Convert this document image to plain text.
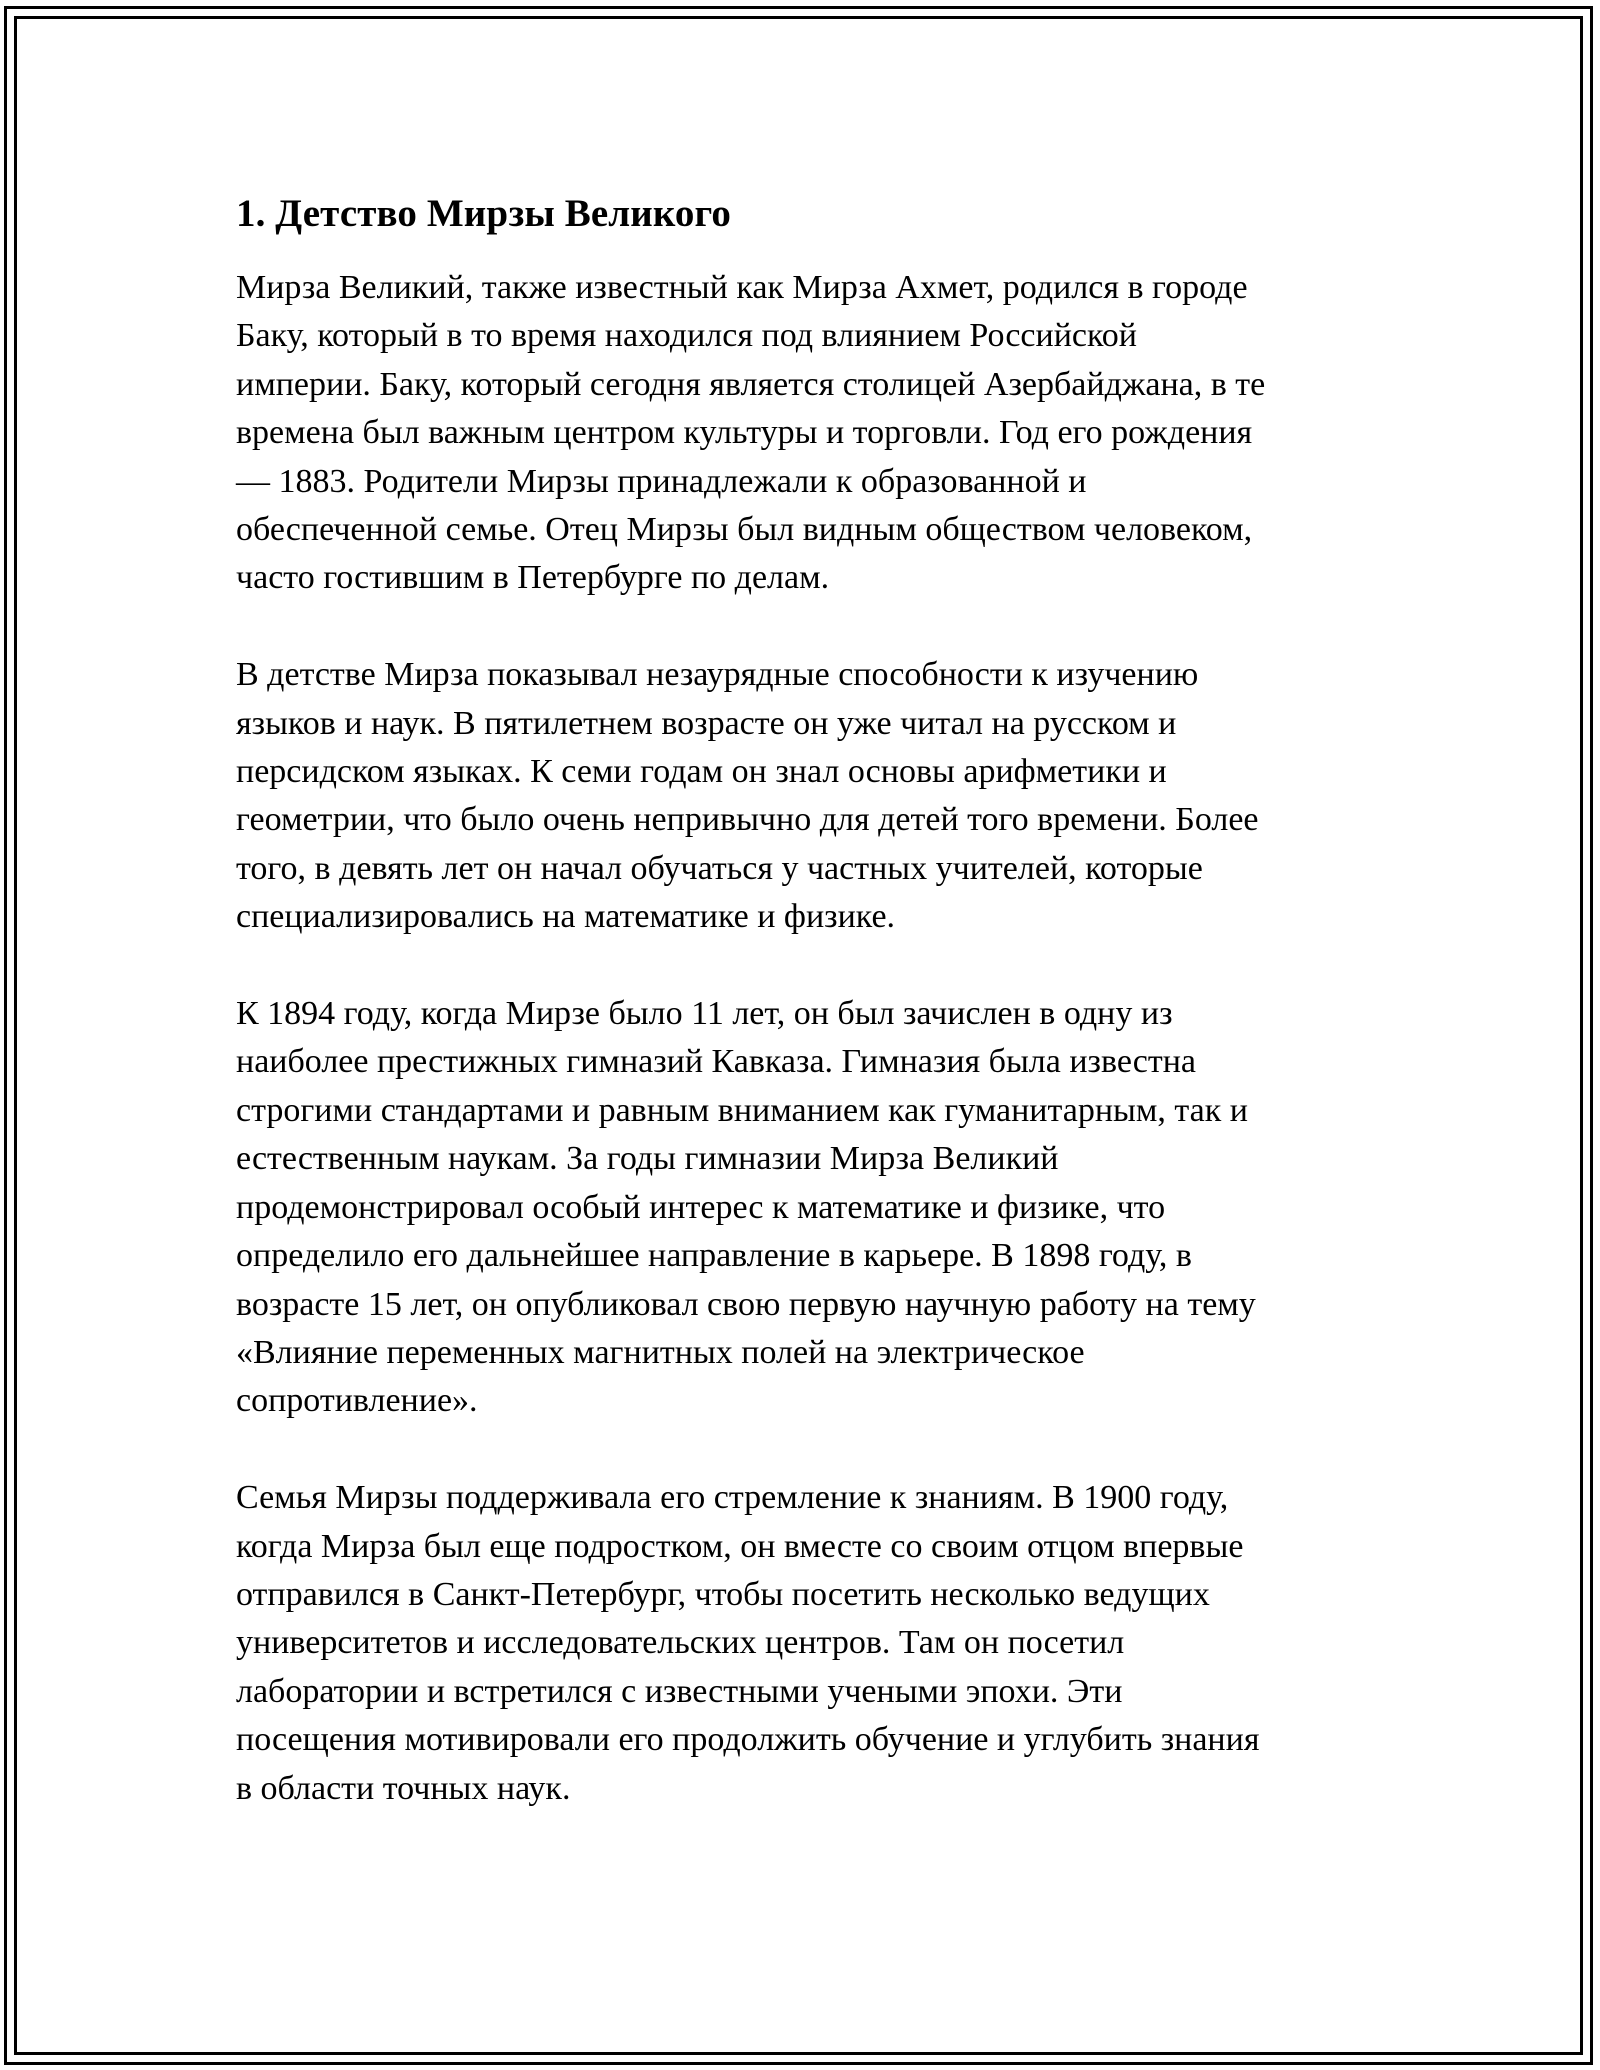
1. Детство Мирзы Великого

Мирза Великий, также известный как Мирза Ахмет, родился в городе
Баку, который в то время находился под влиянием Российской
империи. Баку, который сегодня является столицей Азербайджана, в те
времена был важным центром культуры и торговли. Год его рождения
— 1883. Родители Мирзы принадлежали к образованной и
обеспеченной семье. Отец Мирзы был видным обществом человеком,
часто гостившим в Петербурге по делам.

В детстве Мирза показывал незаурядные способности к изучению
языков и наук. В пятилетнем возрасте он уже читал на русском и
персидском языках. К семи годам он знал основы арифметики и
геометрии, что было очень непривычно для детей того времени. Более
того, в девять лет он начал обучаться у частных учителей, которые
специализировались на математике и физике.

К 1894 году, когда Мирзе было 11 лет, он был зачислен в одну из
наиболее престижных гимназий Кавказа. Гимназия была известна
строгими стандартами и равным вниманием как гуманитарным, так и
естественным наукам. За годы гимназии Мирза Великий
продемонстрировал особый интерес к математике и физике, что
определило его дальнейшее направление в карьере. В 1898 году, в
возрасте 15 лет, он опубликовал свою первую научную работу на тему
«Влияние переменных магнитных полей на электрическое
сопротивление».

Семья Мирзы поддерживала его стремление к знаниям. В 1900 году,
когда Мирза был еще подростком, он вместе со своим отцом впервые
отправился в Санкт-Петербург, чтобы посетить несколько ведущих
университетов и исследовательских центров. Там он посетил
лаборатории и встретился с известными учеными эпохи. Эти
посещения мотивировали его продолжить обучение и углубить знания
в области точных наук.
